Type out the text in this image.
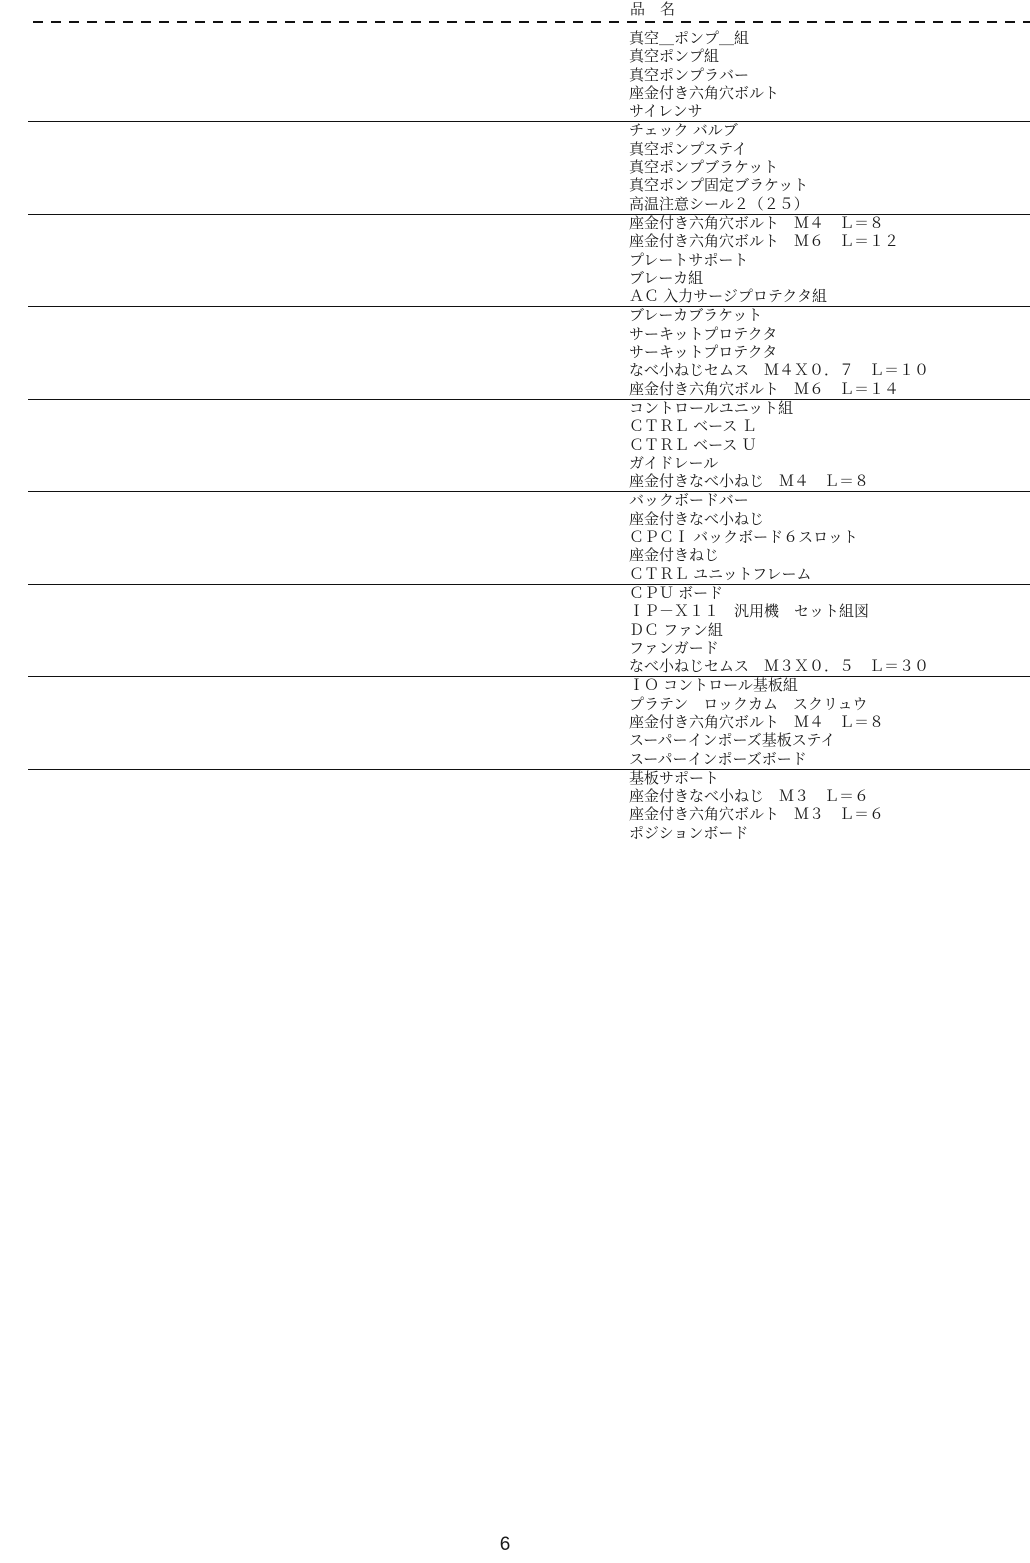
品　名
真空＿ポンプ＿組
真空ポンプ組
真空ポンプラバー
座金付き六角穴ボルト
サイレンサ
チェック バルブ
真空ポンプステイ
真空ポンプブラケット
真空ポンプ固定ブラケット
高温注意シール２（２５）
座金付き六角穴ボルト　Ｍ４　Ｌ＝８
座金付き六角穴ボルト　Ｍ６　Ｌ＝１２
プレートサポート
ブレーカ組
ＡＣ 入力サージプロテクタ組
ブレーカブラケット
サーキットプロテクタ
サーキットプロテクタ
なべ小ねじセムス　Ｍ４Ｘ０．７　Ｌ＝１０
座金付き六角穴ボルト　Ｍ６　Ｌ＝１４
コントロールユニット組
ＣＴＲＬ ベース Ｌ
ＣＴＲＬ ベース Ｕ
ガイドレール
座金付きなべ小ねじ　Ｍ４　Ｌ＝８
バックボードバー
座金付きなべ小ねじ
ＣＰＣＩ バックボード６スロット
座金付きねじ
ＣＴＲＬ ユニットフレーム
ＣＰＵ ボード
ＩＰ－Ｘ１１　汎用機　セット組図
ＤＣ ファン組
ファンガード
なべ小ねじセムス　Ｍ３Ｘ０．５　Ｌ＝３０
ＩＯ コントロール基板組
プラテン　ロックカム　スクリュウ
座金付き六角穴ボルト　Ｍ４　Ｌ＝８
スーパーインポーズ基板ステイ
スーパーインポーズボード
基板サポート
座金付きなべ小ねじ　Ｍ３　Ｌ＝６
座金付き六角穴ボルト　Ｍ３　Ｌ＝６
ポジションボード
6
